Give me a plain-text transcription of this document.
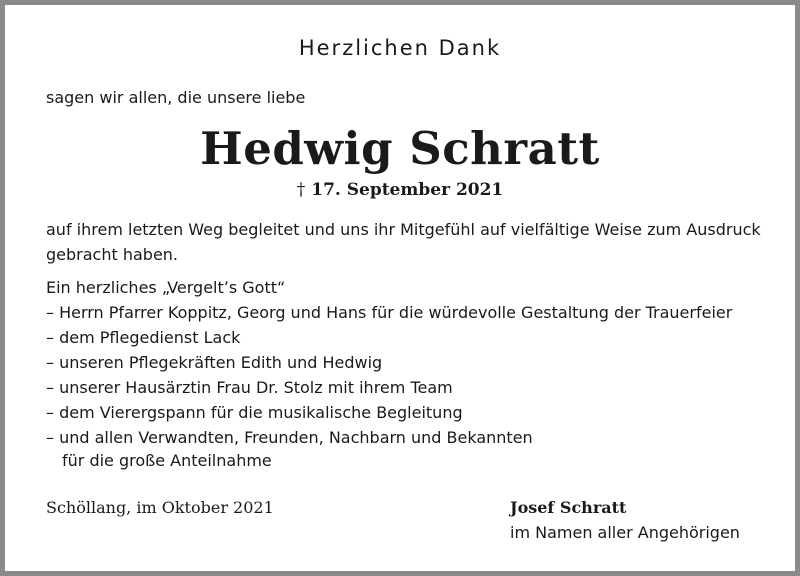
Herzlichen Dank
sagen wir allen, die unsere liebe
Hedwig Schratt
† 17. September 2021
auf ihrem letzten Weg begleitet und uns ihr Mitgefühl auf vielfältige Weise zum Ausdruck
gebracht haben.
Ein herzliches „Vergelt’s Gott“
– Herrn Pfarrer Koppitz, Georg und Hans für die würdevolle Gestaltung der Trauerfeier
– dem Pflegedienst Lack
– unseren Pflegekräften Edith und Hedwig
– unserer Hausärztin Frau Dr. Stolz mit ihrem Team
– dem Vierergspann für die musikalische Begleitung
– und allen Verwandten, Freunden, Nachbarn und Bekannten
für die große Anteilnahme
Schöllang, im Oktober 2021	Josef Schratt
im Namen aller Angehörigen
